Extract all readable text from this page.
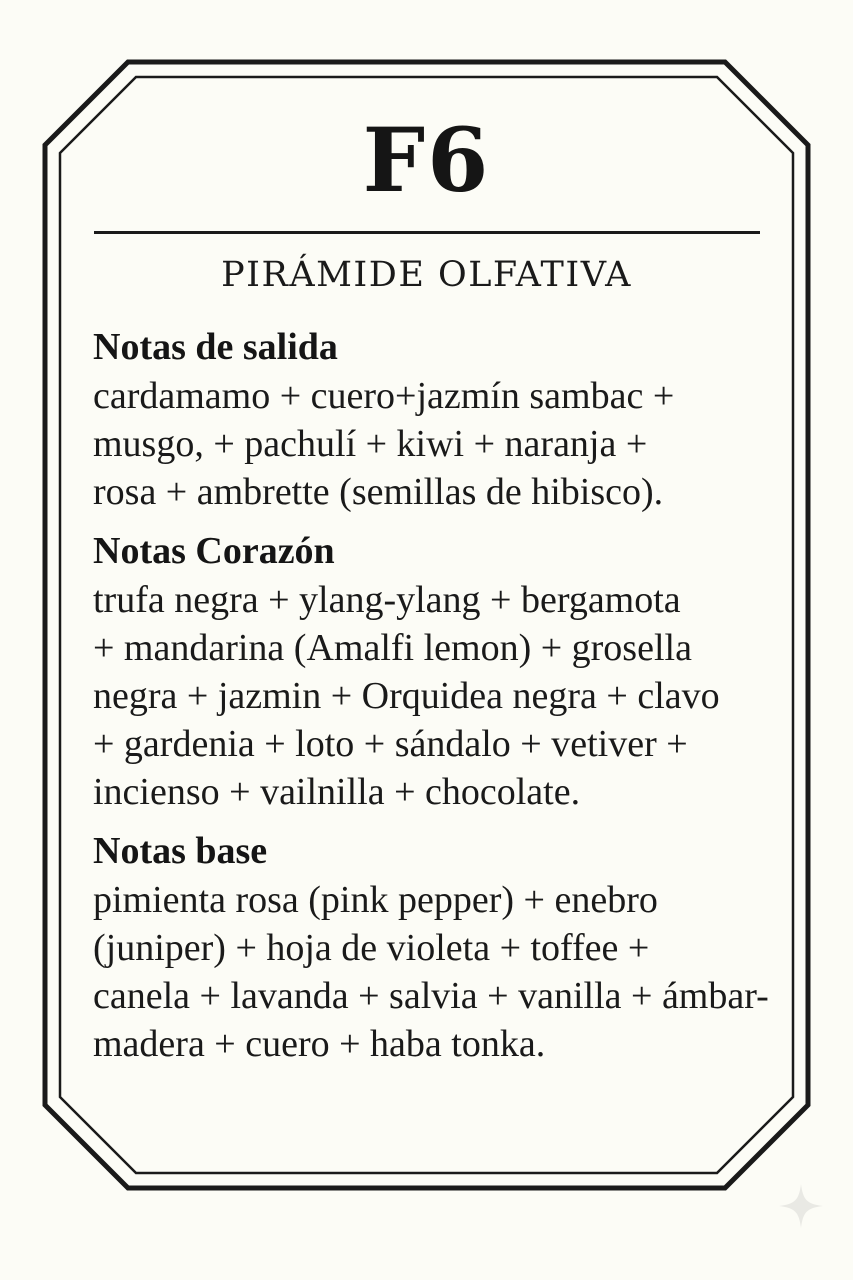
F6
PIRÁMIDE OLFATIVA
Notas de salida
cardamamo + cuero+jazmín sambac +
musgo, + pachulí + kiwi + naranja +
rosa + ambrette (semillas de hibisco).
Notas Corazón
trufa negra + ylang-ylang + bergamota
+ mandarina (Amalfi lemon) + grosella
negra + jazmin + Orquidea negra + clavo
+ gardenia + loto + sándalo + vetiver +
incienso + vailnilla + chocolate.
Notas base
pimienta rosa (pink pepper) + enebro
(juniper) + hoja de violeta + toffee +
canela + lavanda + salvia + vanilla + ámbar-
madera + cuero + haba tonka.
